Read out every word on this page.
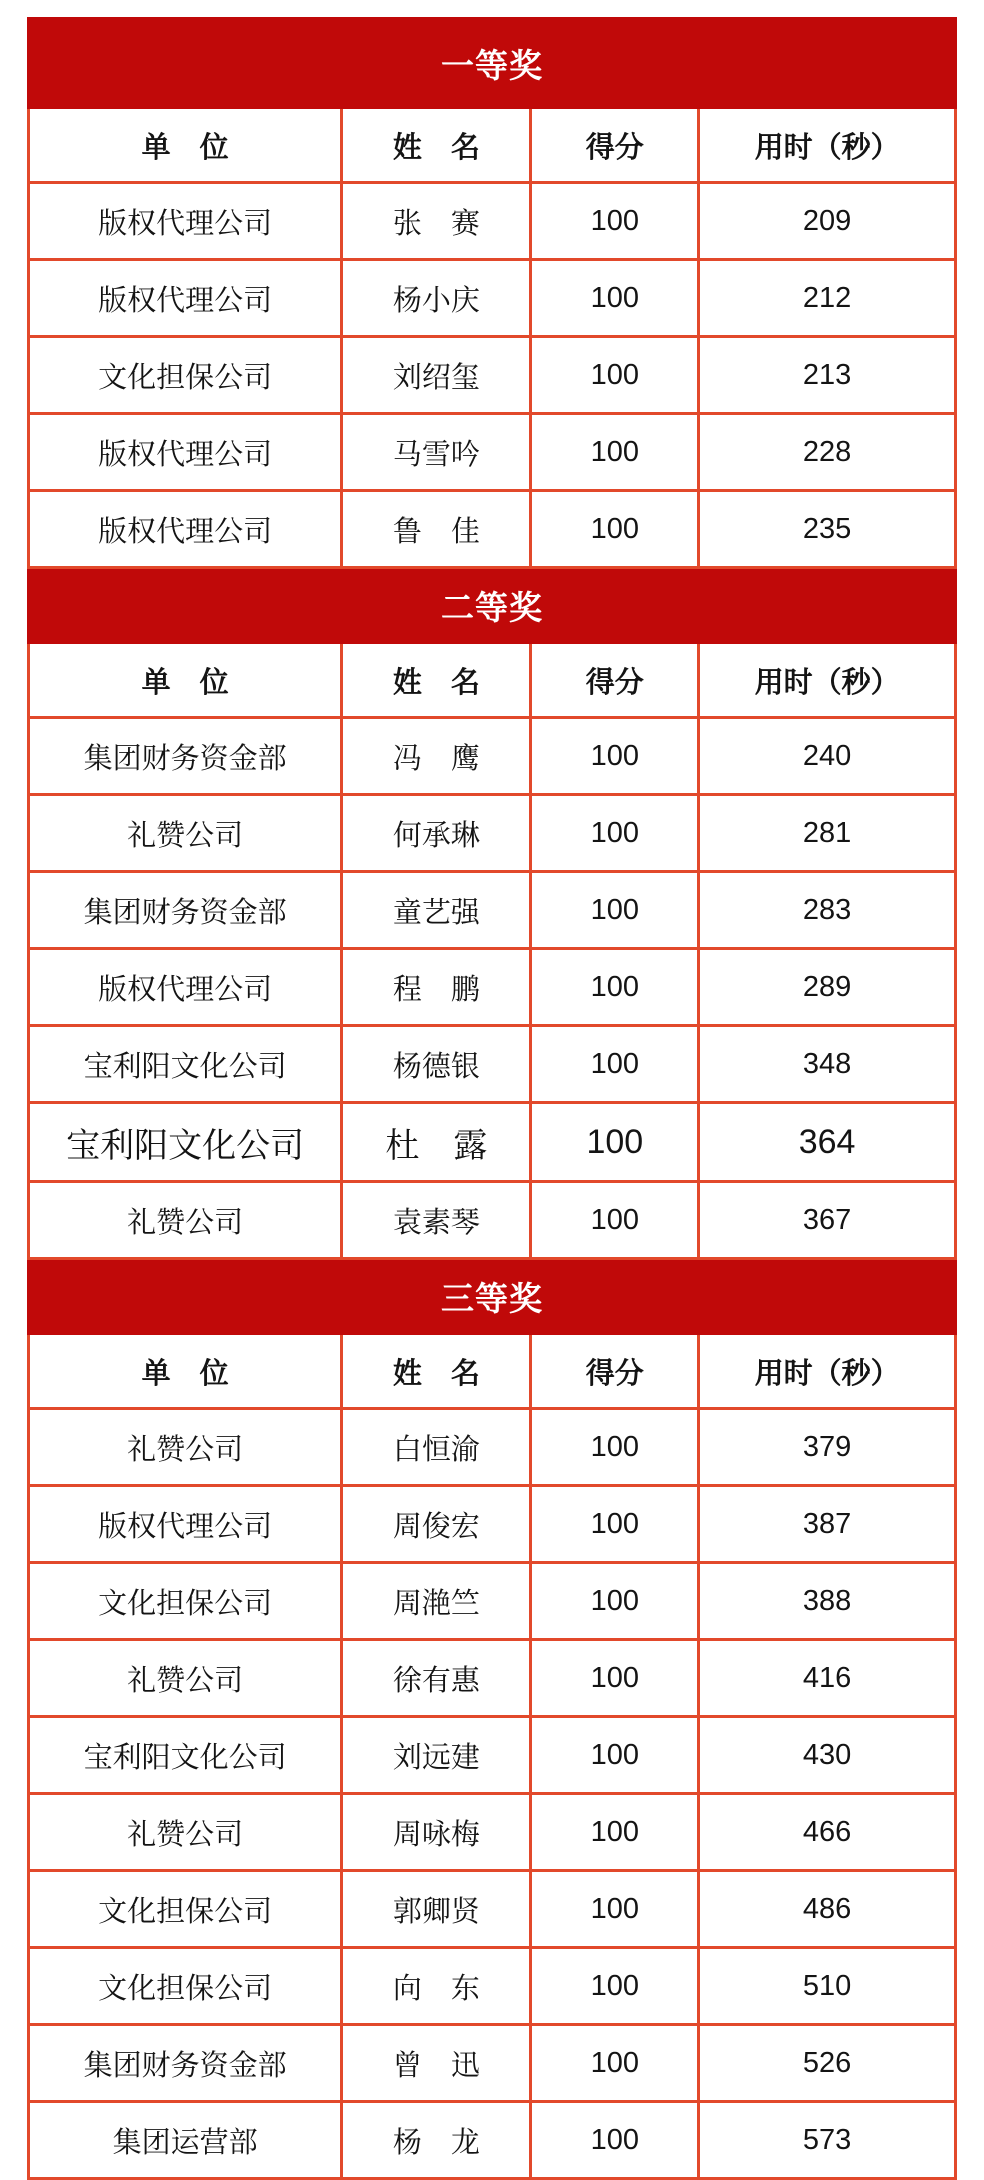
一等奖			
单　位	姓　名	得分	用时（秒）
版权代理公司	张　赛	100	209
版权代理公司	杨小庆	100	212
文化担保公司	刘绍玺	100	213
版权代理公司	马雪吟	100	228
版权代理公司	鲁　佳	100	235
二等奖			
单　位	姓　名	得分	用时（秒）
集团财务资金部	冯　鹰	100	240
礼赞公司	何承琳	100	281
集团财务资金部	童艺强	100	283
版权代理公司	程　鹏	100	289
宝利阳文化公司	杨德银	100	348
宝利阳文化公司	杜　露	100	364
礼赞公司	袁素琴	100	367
三等奖			
单　位	姓　名	得分	用时（秒）
礼赞公司	白恒渝	100	379
版权代理公司	周俊宏	100	387
文化担保公司	周滟竺	100	388
礼赞公司	徐有惠	100	416
宝利阳文化公司	刘远建	100	430
礼赞公司	周咏梅	100	466
文化担保公司	郭卿贤	100	486
文化担保公司	向　东	100	510
集团财务资金部	曾　迅	100	526
集团运营部	杨　龙	100	573
